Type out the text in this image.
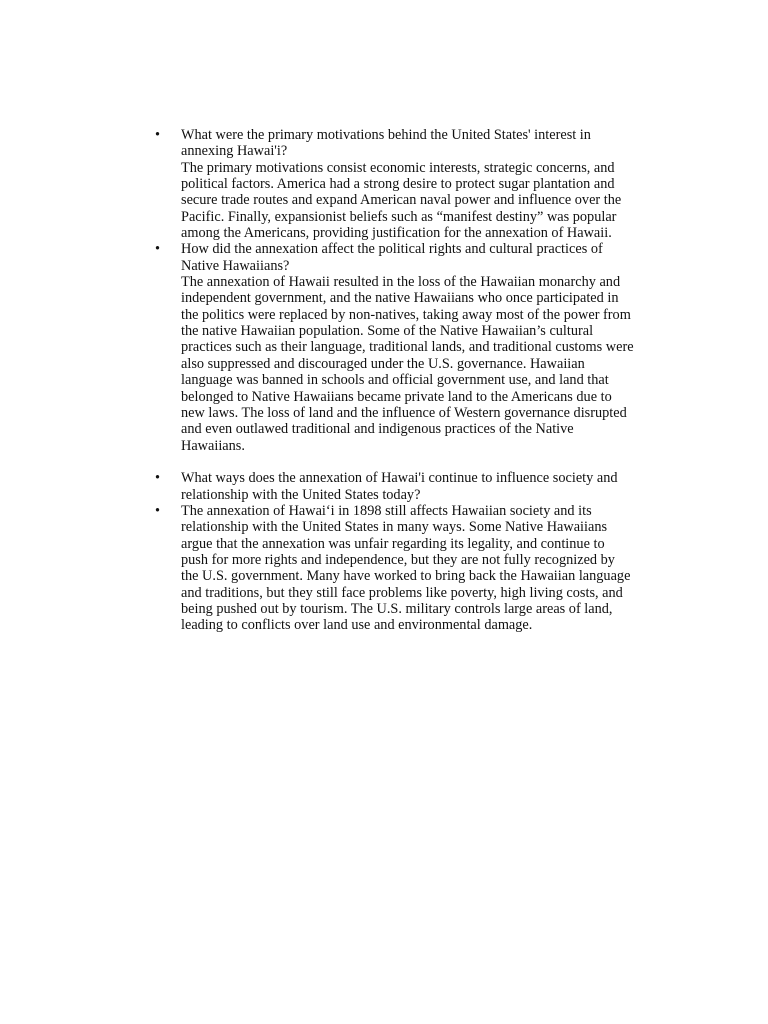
•	What were the primary motivations behind the United States' interest in annexing Hawai'i?

The primary motivations consist economic interests, strategic concerns, and political factors. America had a strong desire to protect sugar plantation and secure trade routes and expand American naval power and influence over the Pacific. Finally, expansionist beliefs such as “manifest destiny” was popular among the Americans, providing justification for the annexation of Hawaii.

•	How did the annexation affect the political rights and cultural practices of Native Hawaiians?

The annexation of Hawaii resulted in the loss of the Hawaiian monarchy and independent government, and the native Hawaiians who once participated in the politics were replaced by non-natives, taking away most of the power from the native Hawaiian population. Some of the Native Hawaiian’s cultural practices such as their language, traditional lands, and traditional customs were also suppressed and discouraged under the U.S. governance. Hawaiian language was banned in schools and official government use, and land that belonged to Native Hawaiians became private land to the Americans due to new laws. The loss of land and the influence of Western governance disrupted and even outlawed traditional and indigenous practices of the Native Hawaiians.

•	What ways does the annexation of Hawai'i continue to influence society and relationship with the United States today?

•	The annexation of Hawaiʻi in 1898 still affects Hawaiian society and its relationship with the United States in many ways. Some Native Hawaiians argue that the annexation was unfair regarding its legality, and continue to push for more rights and independence, but they are not fully recognized by the U.S. government. Many have worked to bring back the Hawaiian language and traditions, but they still face problems like poverty, high living costs, and being pushed out by tourism. The U.S. military controls large areas of land, leading to conflicts over land use and environmental damage.
